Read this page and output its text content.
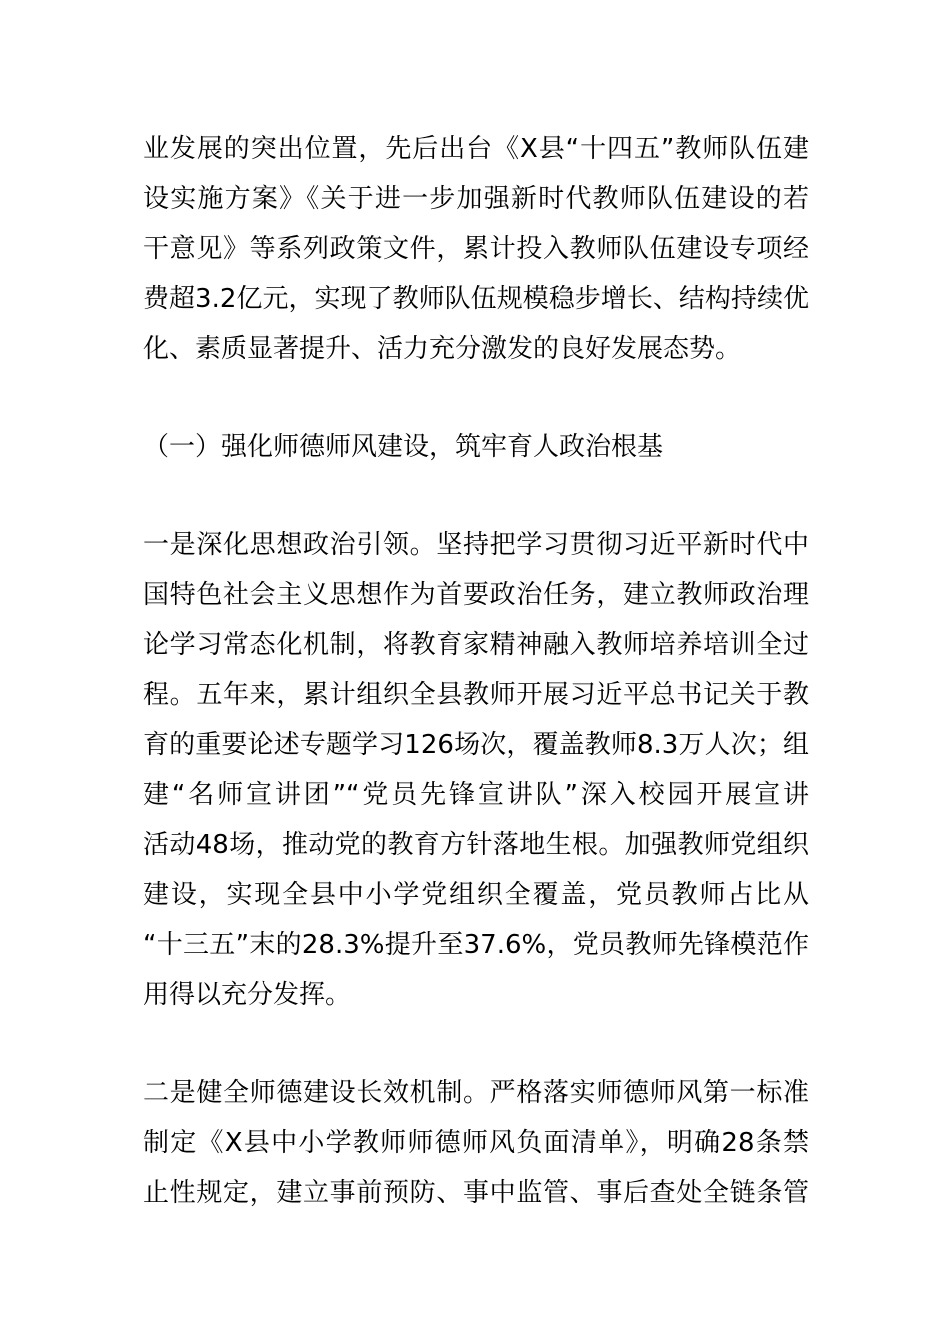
业发展的突出位置，先后出台《X县“十四五”教师队伍建
设实施方案》《关于进一步加强新时代教师队伍建设的若
干意见》等系列政策文件，累计投入教师队伍建设专项经
费超3.2亿元，实现了教师队伍规模稳步增长、结构持续优
化、素质显著提升、活力充分激发的良好发展态势。
（一）强化师德师风建设，筑牢育人政治根基
一是深化思想政治引领。坚持把学习贯彻习近平新时代中
国特色社会主义思想作为首要政治任务，建立教师政治理
论学习常态化机制，将教育家精神融入教师培养培训全过
程。五年来，累计组织全县教师开展习近平总书记关于教
育的重要论述专题学习126场次，覆盖教师8.3万人次；组
建“名师宣讲团”“党员先锋宣讲队”深入校园开展宣讲
活动48场，推动党的教育方针落地生根。加强教师党组织
建设，实现全县中小学党组织全覆盖，党员教师占比从
“十三五”末的28.3%提升至37.6%，党员教师先锋模范作
用得以充分发挥。
二是健全师德建设长效机制。严格落实师德师风第一标准
制定《X县中小学教师师德师风负面清单》，明确28条禁
止性规定，建立事前预防、事中监管、事后查处全链条管
